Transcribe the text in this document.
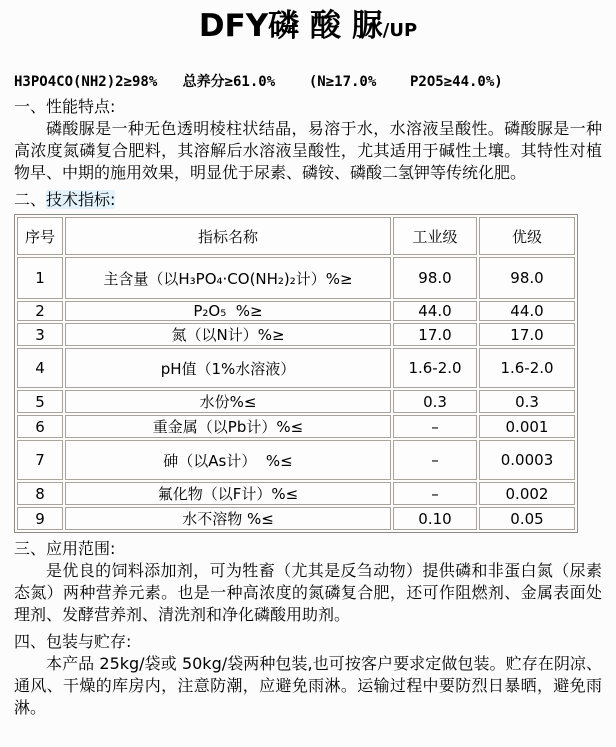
DFY磷 酸 脲/UP
H3PO4CO(NH2)2≥98%   总养分≥61.0%    (N≥17.0%    P2O5≥44.0%)
一、性能特点:

磷酸脲是一种无色透明棱柱状结晶，易溶于水，水溶液呈酸性。磷酸脲是一种高浓度氮磷复合肥料，其溶解后水溶液呈酸性，尤其适用于碱性土壤。其特性对植物早、中期的施用效果，明显优于尿素、磷铵、磷酸二氢钾等传统化肥。

二、技术指标:
序号	指标名称	工业级	优级
1	主含量（以H₃PO₄·CO(NH₂)₂计）%≥	98.0	98.0
2	P₂O₅  %≥	44.0	44.0
3	氮（以N计）%≥	17.0	17.0
4	pH值（1%水溶液）	1.6-2.0	1.6-2.0
5	水份%≤	0.3	0.3
6	重金属（以Pb计）%≤	–	0.001
7	砷（以As计）  %≤	–	0.0003
8	氟化物（以F计）%≤	–	0.002
9	水不溶物 %≤	0.10	0.05
三、应用范围:

是优良的饲料添加剂，可为牲畜（尤其是反刍动物）提供磷和非蛋白氮（尿素态氮）两种营养元素。也是一种高浓度的氮磷复合肥，还可作阻燃剂、金属表面处理剂、发酵营养剂、清洗剂和净化磷酸用助剂。

四、包装与贮存:

本产品 25kg/袋或 50kg/袋两种包装,也可按客户要求定做包装。贮存在阴凉、通风、干燥的库房内，注意防潮，应避免雨淋。运输过程中要防烈日暴晒，避免雨淋。
